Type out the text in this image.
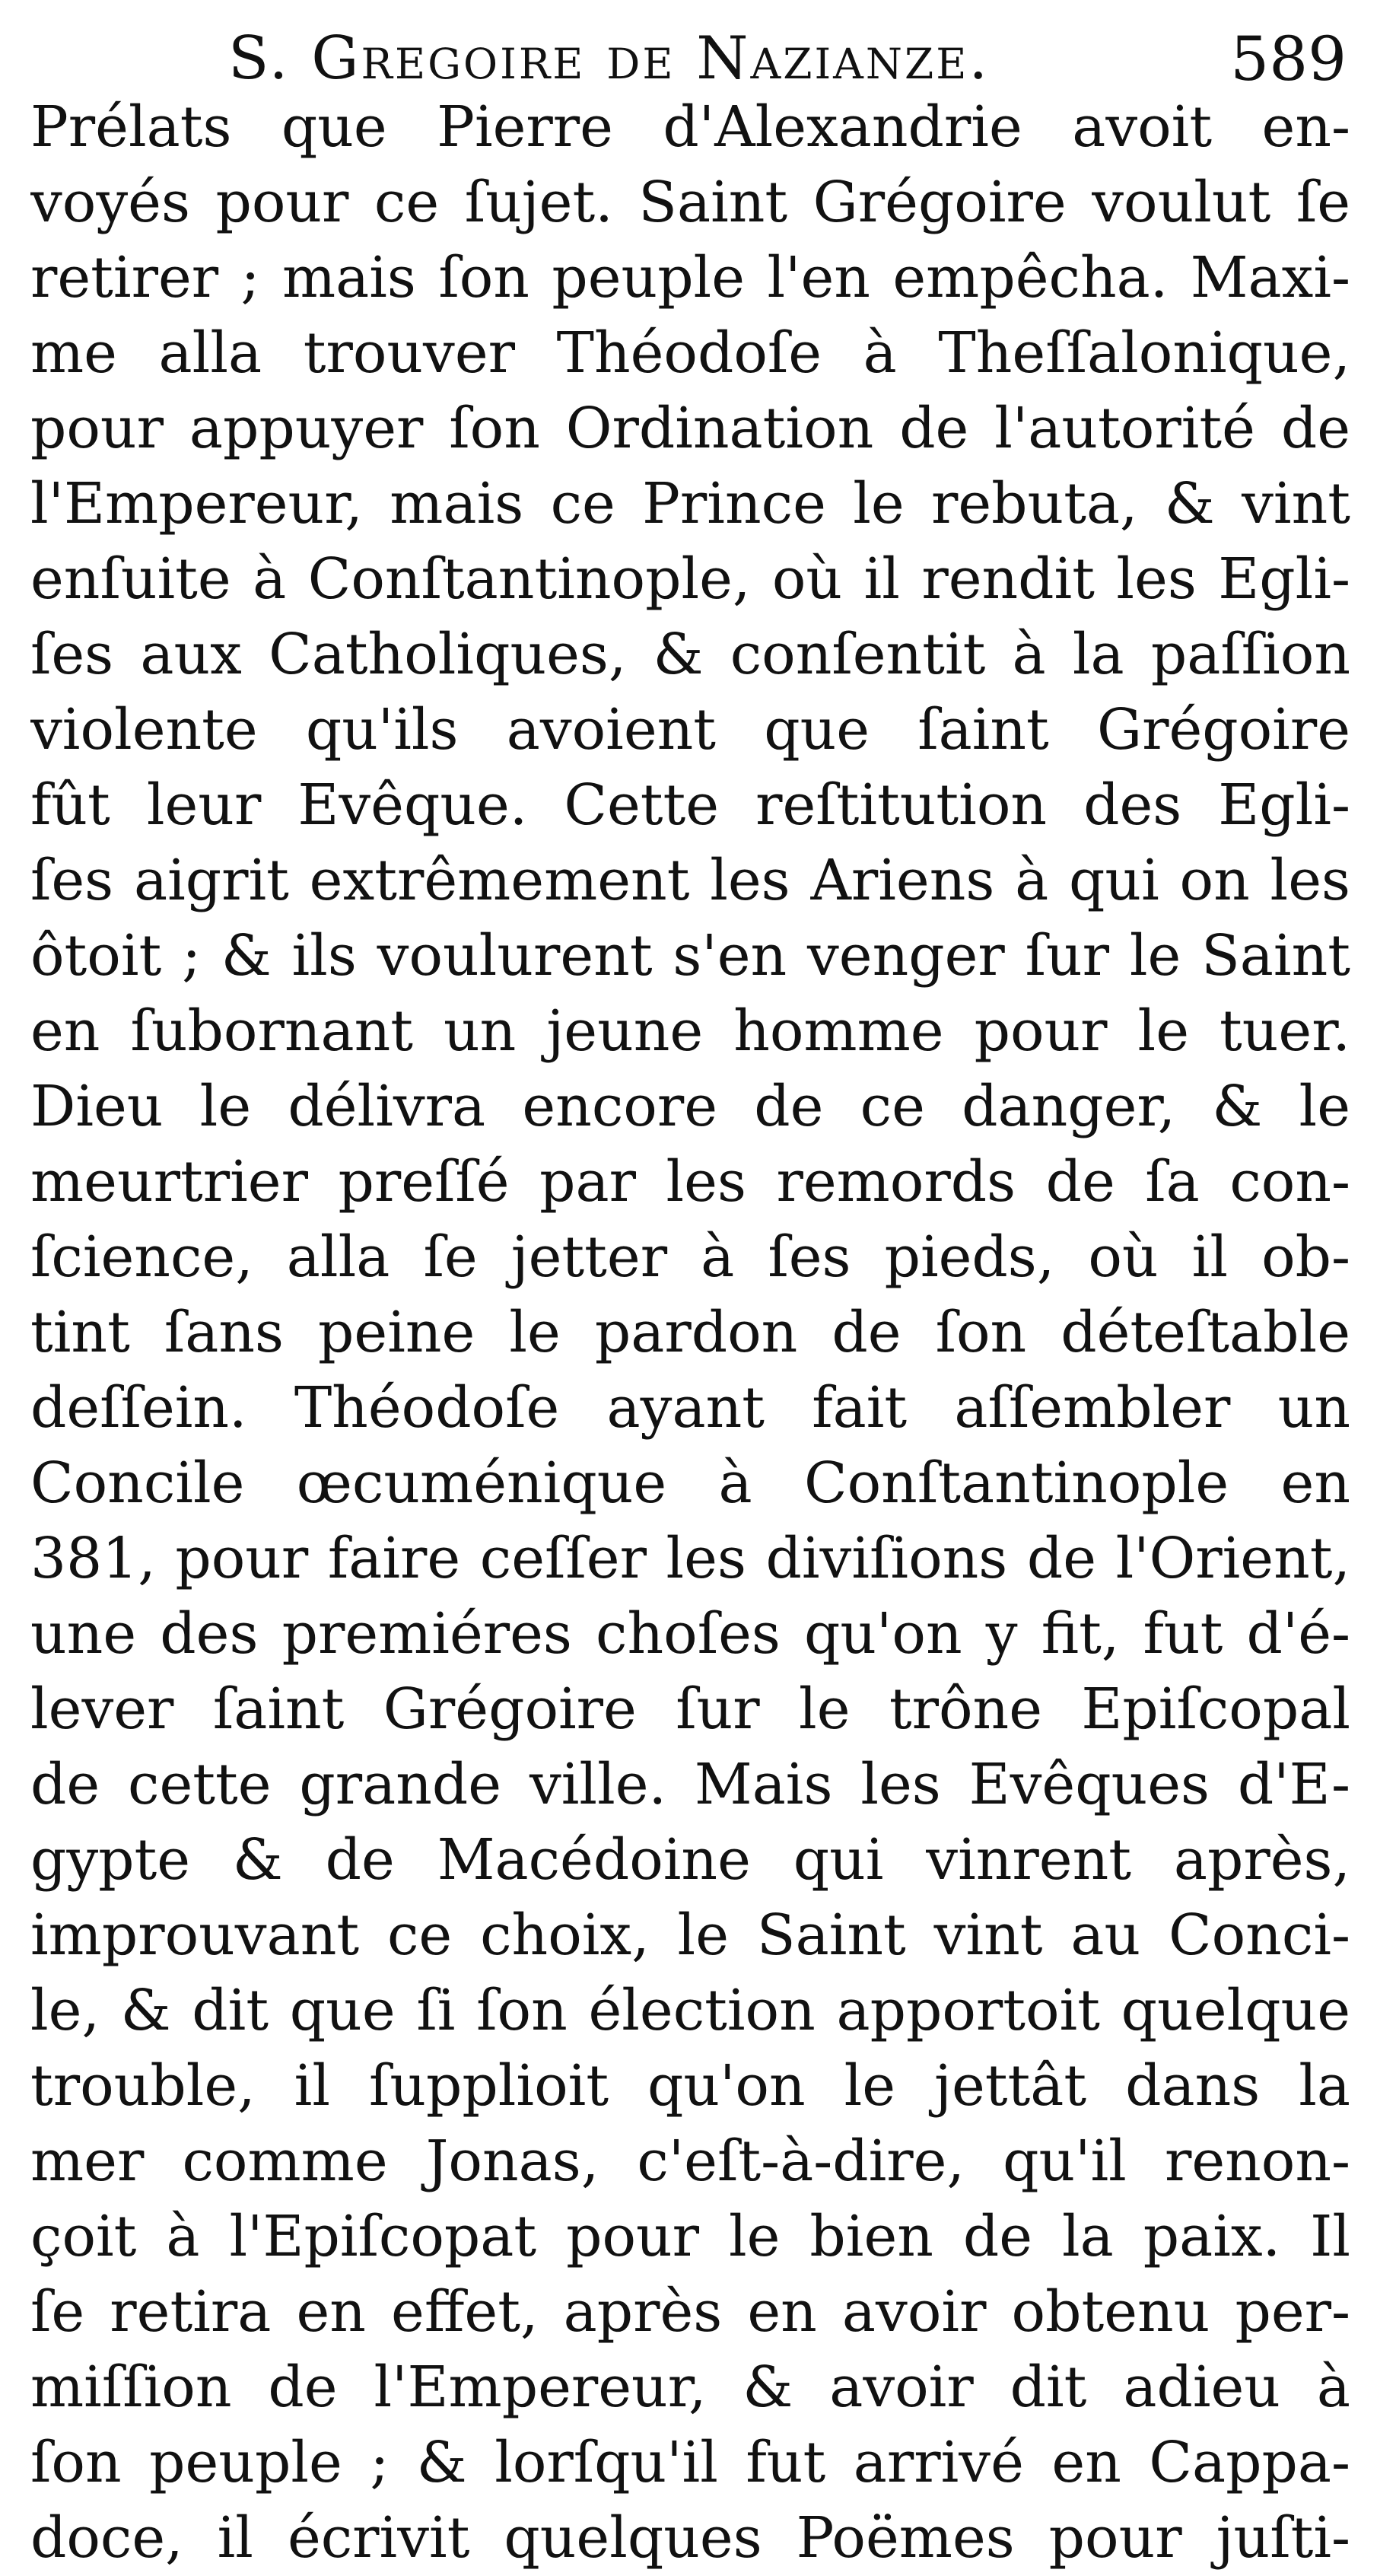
S. Gregoire de Nazianze.	589
Prélats que Pierre d'Alexandrie avoit en-
voyés pour ce ſujet. Saint Grégoire voulut ſe
retirer ; mais ſon peuple l'en empêcha. Maxi-
me alla trouver Théodoſe à Theſſalonique,
pour appuyer ſon Ordination de l'autorité de
l'Empereur, mais ce Prince le rebuta, & vint
enſuite à Conſtantinople, où il rendit les Egli-
ſes aux Catholiques, & conſentit à la paſſion
violente qu'ils avoient que ſaint Grégoire
fût leur Evêque. Cette reſtitution des Egli-
ſes aigrit extrêmement les Ariens à qui on les
ôtoit ; & ils voulurent s'en venger ſur le Saint
en ſubornant un jeune homme pour le tuer.
Dieu le délivra encore de ce danger, & le
meurtrier preſſé par les remords de ſa con-
ſcience, alla ſe jetter à ſes pieds, où il ob-
tint ſans peine le pardon de ſon déteſtable
deſſein. Théodoſe ayant fait aſſembler un
Concile œcuménique à Conſtantinople en
381, pour faire ceſſer les diviſions de l'Orient,
une des premiéres choſes qu'on y fit, fut d'é-
lever ſaint Grégoire ſur le trône Epiſcopal
de cette grande ville. Mais les Evêques d'E-
gypte & de Macédoine qui vinrent après,
improuvant ce choix, le Saint vint au Conci-
le, & dit que ſi ſon élection apportoit quelque
trouble, il ſupplioit qu'on le jettât dans la
mer comme Jonas, c'eſt-à-dire, qu'il renon-
çoit à l'Epiſcopat pour le bien de la paix. Il
ſe retira en effet, après en avoir obtenu per-
miſſion de l'Empereur, & avoir dit adieu à
ſon peuple ; & lorſqu'il fut arrivé en Cappa-
doce, il écrivit quelques Poëmes pour juſti-
